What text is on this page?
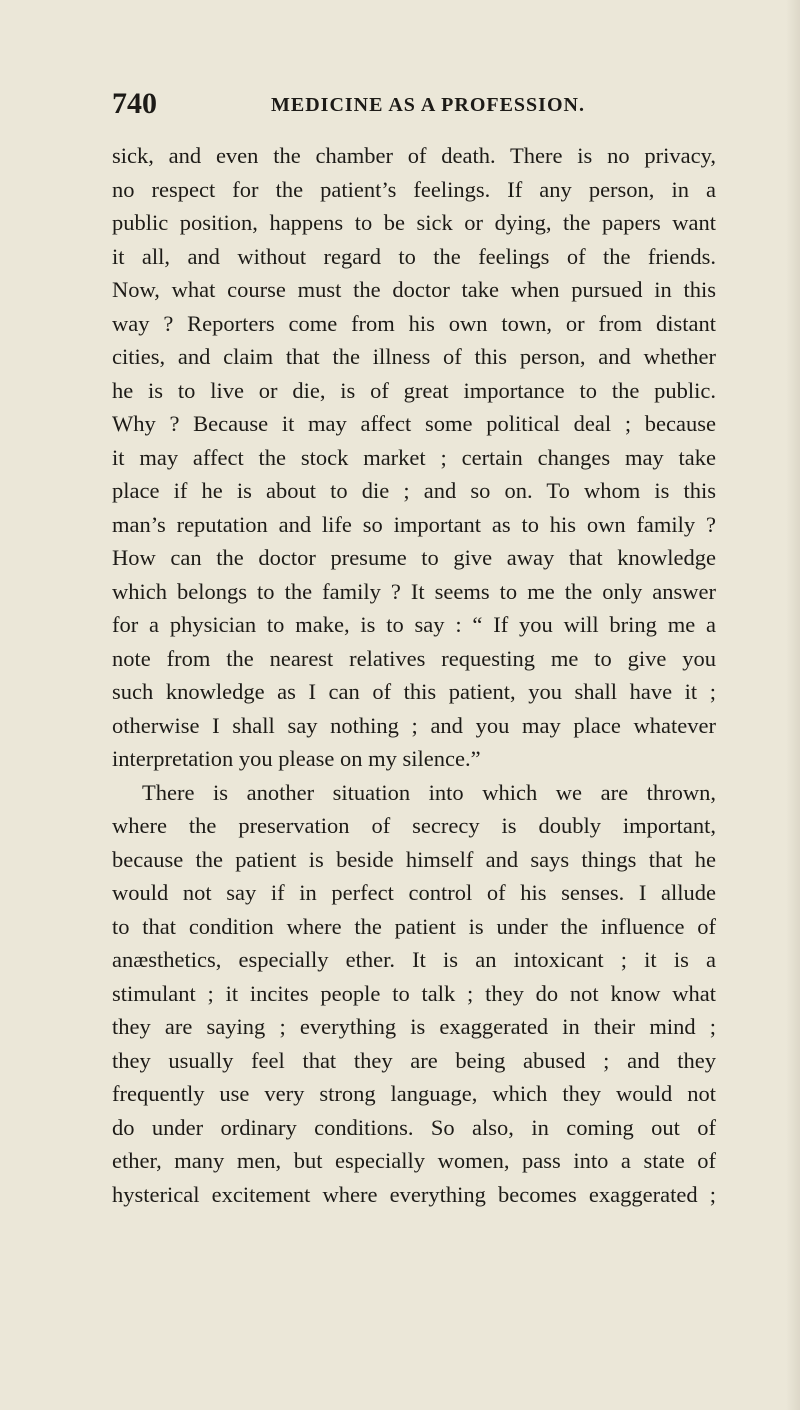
740	MEDICINE AS A PROFESSION.
sick, and even the chamber of death. There is no privacy,
no respect for the patient’s feelings. If any person, in a
public position, happens to be sick or dying, the papers want
it all, and without regard to the feelings of the friends.
Now, what course must the doctor take when pursued in this
way ? Reporters come from his own town, or from distant
cities, and claim that the illness of this person, and whether
he is to live or die, is of great importance to the public.
Why ? Because it may affect some political deal ; because
it may affect the stock market ; certain changes may take
place if he is about to die ; and so on. To whom is this
man’s reputation and life so important as to his own family ?
How can the doctor presume to give away that knowledge
which belongs to the family ? It seems to me the only answer
for a physician to make, is to say : “ If you will bring me a
note from the nearest relatives requesting me to give you
such knowledge as I can of this patient, you shall have it ;
otherwise I shall say nothing ; and you may place whatever
interpretation you please on my silence.”
There is another situation into which we are thrown,
where the preservation of secrecy is doubly important,
because the patient is beside himself and says things that he
would not say if in perfect control of his senses. I allude
to that condition where the patient is under the influence of
anæsthetics, especially ether. It is an intoxicant ; it is a
stimulant ; it incites people to talk ; they do not know what
they are saying ; everything is exaggerated in their mind ;
they usually feel that they are being abused ; and they
frequently use very strong language, which they would not
do under ordinary conditions. So also, in coming out of
ether, many men, but especially women, pass into a state of
hysterical excitement where everything becomes exaggerated ;
